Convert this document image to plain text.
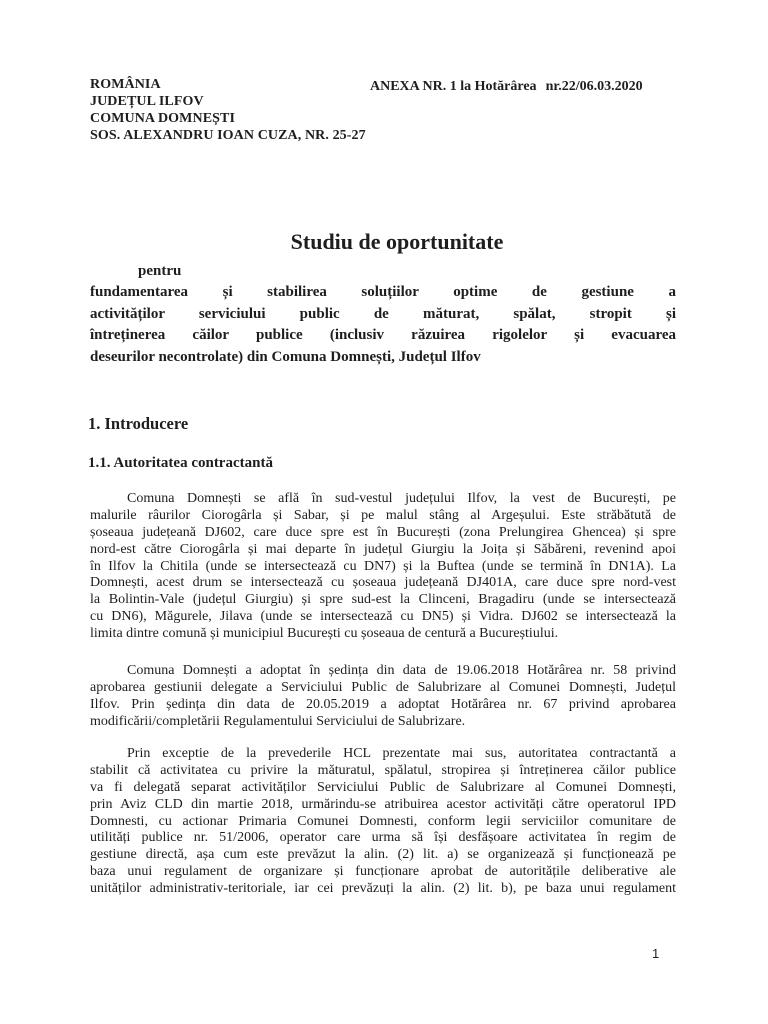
ROMÂNIA
JUDEȚUL ILFOV
COMUNA DOMNEȘTI
SOS. ALEXANDRU IOAN CUZA, NR. 25-27
ANEXA NR. 1 la Hotărârea nr.22/06.03.2020
Studiu de oportunitate
pentru
fundamentarea și stabilirea soluțiilor optime de gestiune a
activităților serviciului public de măturat, spălat, stropit și
întreținerea căilor publice (inclusiv răzuirea rigolelor și evacuarea
deseurilor necontrolate) din Comuna Domnești, Județul Ilfov
1. Introducere
1.1. Autoritatea contractantă
Comuna Domnești se află în sud-vestul județului Ilfov, la vest de București, pe
malurile râurilor Ciorogârla și Sabar, și pe malul stâng al Argeșului. Este străbătută de
șoseaua județeană DJ602, care duce spre est în București (zona Prelungirea Ghencea) și spre
nord-est către Ciorogârla și mai departe în județul Giurgiu la Joița și Săbăreni, revenind apoi
în Ilfov la Chitila (unde se intersectează cu DN7) și la Buftea (unde se termină în DN1A). La
Domnești, acest drum se intersectează cu șoseaua județeană DJ401A, care duce spre nord-vest
la Bolintin-Vale (județul Giurgiu) și spre sud-est la Clinceni, Bragadiru (unde se intersectează
cu DN6), Măgurele, Jilava (unde se intersectează cu DN5) și Vidra. DJ602 se intersectează la
limita dintre comună și municipiul București cu șoseaua de centură a Bucureștiului.
Comuna Domnești a adoptat în ședința din data de 19.06.2018 Hotărârea nr. 58 privind
aprobarea gestiunii delegate a Serviciului Public de Salubrizare al Comunei Domnești, Județul
Ilfov. Prin ședința din data de 20.05.2019 a adoptat Hotărârea nr. 67 privind aprobarea
modificării/completării Regulamentului Serviciului de Salubrizare.
Prin exceptie de la prevederile HCL prezentate mai sus, autoritatea contractantă a
stabilit că activitatea cu privire la măturatul, spălatul, stropirea și întreținerea căilor publice
va fi delegată separat activităților Serviciului Public de Salubrizare al Comunei Domnești,
prin Aviz CLD din martie 2018, urmărindu-se atribuirea acestor activități către operatorul IPD
Domnesti, cu actionar Primaria Comunei Domnesti, conform legii serviciilor comunitare de
utilități publice nr. 51/2006, operator care urma să își desfășoare activitatea în regim de
gestiune directă, așa cum este prevăzut la alin. (2) lit. a) se organizează și funcționează pe
baza unui regulament de organizare și funcționare aprobat de autoritățile deliberative ale
unităților administrativ-teritoriale, iar cei prevăzuți la alin. (2) lit. b), pe baza unui regulament
1
